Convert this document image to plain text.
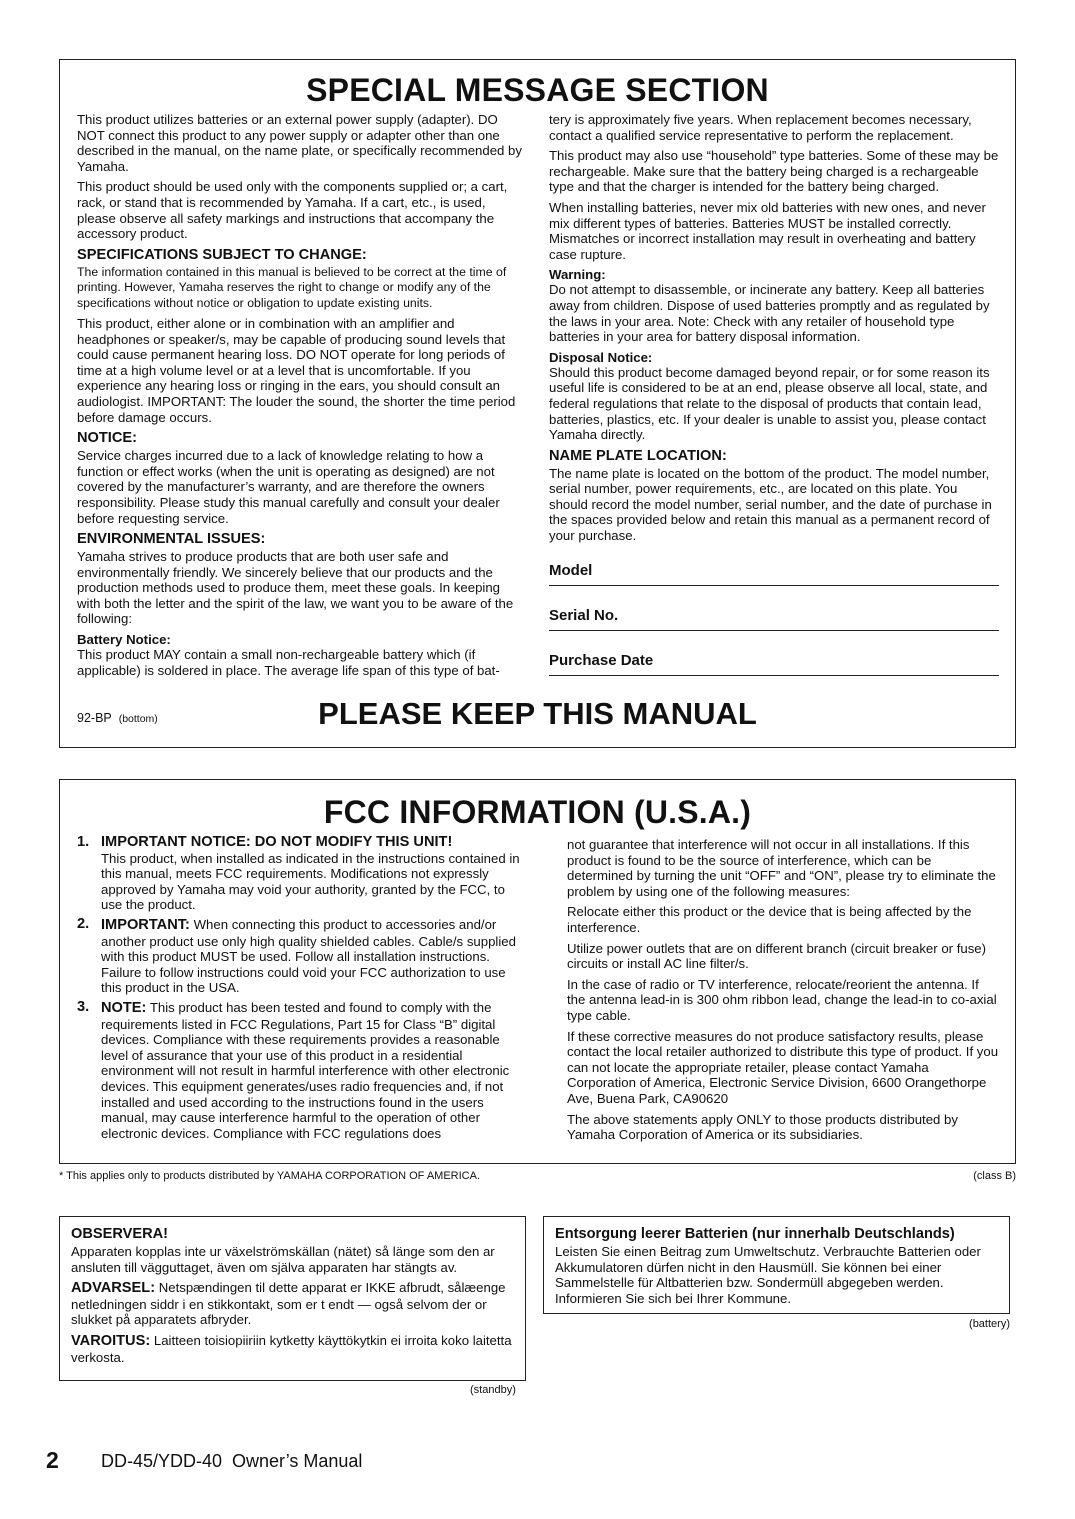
SPECIAL MESSAGE SECTION

This product utilizes batteries or an external power supply (adapter). DO NOT connect this product to any power supply or adapter other than one described in the manual, on the name plate, or specifically recommended by Yamaha.

This product should be used only with the components supplied or; a cart, rack, or stand that is recommended by Yamaha. If a cart, etc., is used, please observe all safety markings and instructions that accompany the accessory product.

SPECIFICATIONS SUBJECT TO CHANGE:

The information contained in this manual is believed to be correct at the time of printing. However, Yamaha reserves the right to change or modify any of the specifications without notice or obligation to update existing units.

This product, either alone or in combination with an amplifier and headphones or speaker/s, may be capable of producing sound levels that could cause permanent hearing loss. DO NOT operate for long periods of time at a high volume level or at a level that is uncomfortable. If you experience any hearing loss or ringing in the ears, you should consult an audiologist. IMPORTANT: The louder the sound, the shorter the time period before damage occurs.

NOTICE:

Service charges incurred due to a lack of knowledge relating to how a function or effect works (when the unit is operating as designed) are not covered by the manufacturer’s warranty, and are therefore the owners responsibility. Please study this manual carefully and consult your dealer before requesting service.

ENVIRONMENTAL ISSUES:

Yamaha strives to produce products that are both user safe and environmentally friendly. We sincerely believe that our products and the production methods used to produce them, meet these goals. In keeping with both the letter and the spirit of the law, we want you to be aware of the following:

Battery Notice:

This product MAY contain a small non-rechargeable battery which (if applicable) is soldered in place. The average life span of this type of bat-

tery is approximately five years. When replacement becomes necessary, contact a qualified service representative to perform the replacement.

This product may also use “household” type batteries. Some of these may be rechargeable. Make sure that the battery being charged is a rechargeable type and that the charger is intended for the battery being charged.

When installing batteries, never mix old batteries with new ones, and never mix different types of batteries. Batteries MUST be installed correctly. Mismatches or incorrect installation may result in overheating and battery case rupture.

Warning:

Do not attempt to disassemble, or incinerate any battery. Keep all batteries away from children. Dispose of used batteries promptly and as regulated by the laws in your area. Note: Check with any retailer of household type batteries in your area for battery disposal information.

Disposal Notice:

Should this product become damaged beyond repair, or for some reason its useful life is considered to be at an end, please observe all local, state, and federal regulations that relate to the disposal of products that contain lead, batteries, plastics, etc. If your dealer is unable to assist you, please contact Yamaha directly.

NAME PLATE LOCATION:

The name plate is located on the bottom of the product. The model number, serial number, power requirements, etc., are located on this plate. You should record the model number, serial number, and the date of purchase in the spaces provided below and retain this manual as a permanent record of your purchase.

Model
Serial No.
Purchase Date
92-BP (bottom)	PLEASE KEEP THIS MANUAL
FCC INFORMATION (U.S.A.)
1. IMPORTANT NOTICE: DO NOT MODIFY THIS UNIT!
This product, when installed as indicated in the instructions contained in this manual, meets FCC requirements. Modifications not expressly approved by Yamaha may void your authority, granted by the FCC, to use the product.
2. IMPORTANT: When connecting this product to accessories and/or another product use only high quality shielded cables. Cable/s supplied with this product MUST be used. Follow all installation instructions. Failure to follow instructions could void your FCC authorization to use this product in the USA.
3. NOTE: This product has been tested and found to comply with the requirements listed in FCC Regulations, Part 15 for Class “B” digital devices. Compliance with these requirements provides a reasonable level of assurance that your use of this product in a residential environment will not result in harmful interference with other electronic devices. This equipment generates/uses radio frequencies and, if not installed and used according to the instructions found in the users manual, may cause interference harmful to the operation of other electronic devices. Compliance with FCC regulations does

not guarantee that interference will not occur in all installations. If this product is found to be the source of interference, which can be determined by turning the unit “OFF” and “ON”, please try to eliminate the problem by using one of the following measures:

Relocate either this product or the device that is being affected by the interference.

Utilize power outlets that are on different branch (circuit breaker or fuse) circuits or install AC line filter/s.

In the case of radio or TV interference, relocate/reorient the antenna. If the antenna lead-in is 300 ohm ribbon lead, change the lead-in to co-axial type cable.

If these corrective measures do not produce satisfactory results, please contact the local retailer authorized to distribute this type of product. If you can not locate the appropriate retailer, please contact Yamaha Corporation of America, Electronic Service Division, 6600 Orangethorpe Ave, Buena Park, CA90620

The above statements apply ONLY to those products distributed by Yamaha Corporation of America or its subsidiaries.

* This applies only to products distributed by YAMAHA CORPORATION OF AMERICA.	(class B)
OBSERVERA!

Apparaten kopplas inte ur växelströmskällan (nätet) så länge som den ar ansluten till vägguttaget, även om själva apparaten har stängts av.

ADVARSEL: Netspændingen til dette apparat er IKKE afbrudt, sålæenge netledningen siddr i en stikkontakt, som er t endt — også selvom der or slukket på apparatets afbryder.

VAROITUS: Laitteen toisiopiiriin kytketty käyttökytkin ei irroita koko laitetta verkosta.

(standby)
Entsorgung leerer Batterien (nur innerhalb Deutschlands)

Leisten Sie einen Beitrag zum Umweltschutz. Verbrauchte Batterien oder Akkumulatoren dürfen nicht in den Hausmüll. Sie können bei einer Sammelstelle für Altbatterien bzw. Sondermüll abgegeben werden. Informieren Sie sich bei Ihrer Kommune.

(battery)
2 DD-45/YDD-40  Owner’s Manual
